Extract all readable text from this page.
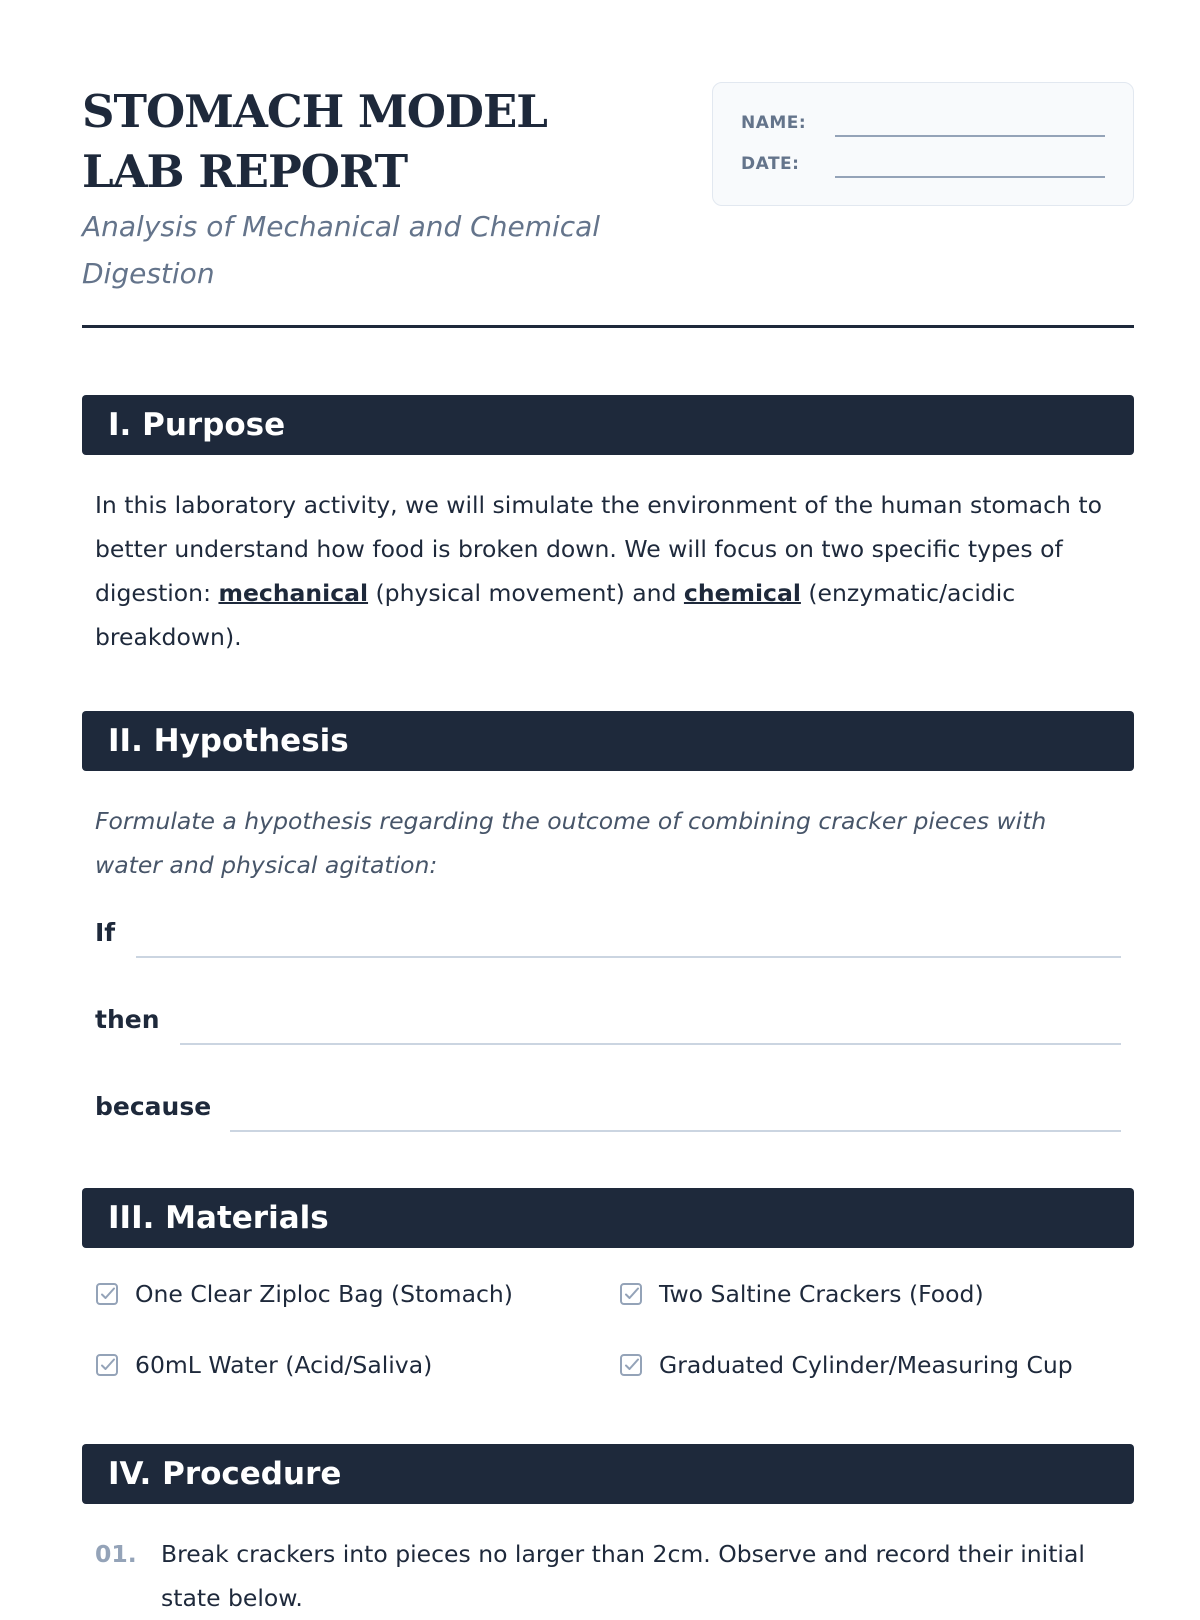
STOMACH MODEL LAB REPORT

Analysis of Mechanical and Chemical Digestion

NAME:
DATE:
I. Purpose

In this laboratory activity, we will simulate the environment of the human stomach to better understand how food is broken down. We will focus on two specific types of digestion: mechanical (physical movement) and chemical (enzymatic/acidic breakdown).

II. Hypothesis

Formulate a hypothesis regarding the outcome of combining cracker pieces with water and physical agitation:

If
then
because
III. Materials
One Clear Ziploc Bag (Stomach)	Two Saltine Crackers (Food)
60mL Water (Acid/Saliva)	Graduated Cylinder/Measuring Cup
IV. Procedure
01. Break crackers into pieces no larger than 2cm. Observe and record their initial state below.
